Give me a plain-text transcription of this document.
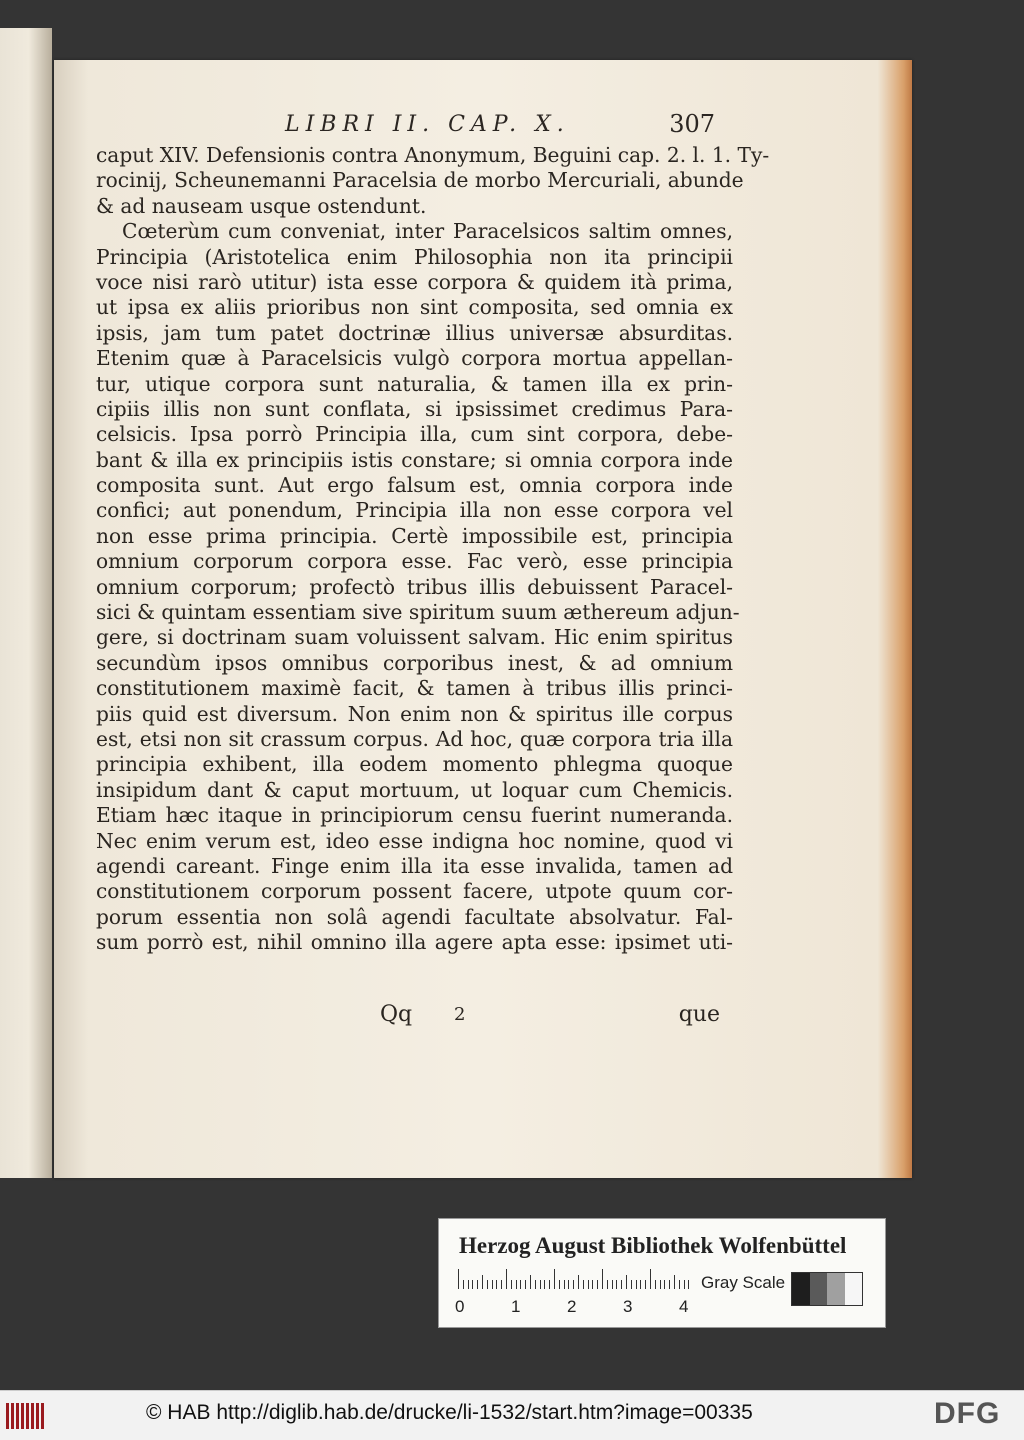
LIBRI II. CAP. X.	307
caput XIV. Defensionis contra Anonymum, Beguini cap. 2. l. 1. Ty-
rocinij, Scheunemanni Paracelsia de morbo Mercuriali, abunde
& ad nauseam usque ostendunt.
Cœterùm cum conveniat, inter Paracelsicos saltim omnes,
Principia (Aristotelica enim Philosophia non ita principii
voce nisi rarò utitur) ista esse corpora & quidem ità prima,
ut ipsa ex aliis prioribus non sint composita, sed omnia ex
ipsis, jam tum patet doctrinæ illius universæ absurditas.
Etenim quæ à Paracelsicis vulgò corpora mortua appellan-
tur, utique corpora sunt naturalia, & tamen illa ex prin-
cipiis illis non sunt conflata, si ipsissimet credimus Para-
celsicis. Ipsa porrò Principia illa, cum sint corpora, debe-
bant & illa ex principiis istis constare; si omnia corpora inde
composita sunt. Aut ergo falsum est, omnia corpora inde
confici; aut ponendum, Principia illa non esse corpora vel
non esse prima principia. Certè impossibile est, principia
omnium corporum corpora esse. Fac verò, esse principia
omnium corporum; profectò tribus illis debuissent Paracel-
sici & quintam essentiam sive spiritum suum æthereum adjun-
gere, si doctrinam suam voluissent salvam. Hic enim spiritus
secundùm ipsos omnibus corporibus inest, & ad omnium
constitutionem maximè facit, & tamen à tribus illis princi-
piis quid est diversum. Non enim non & spiritus ille corpus
est, etsi non sit crassum corpus. Ad hoc, quæ corpora tria illa
principia exhibent, illa eodem momento phlegma quoque
insipidum dant & caput mortuum, ut loquar cum Chemicis.
Etiam hæc itaque in principiorum censu fuerint numeranda.
Nec enim verum est, ideo esse indigna hoc nomine, quod vi
agendi careant. Finge enim illa ita esse invalida, tamen ad
constitutionem corporum possent facere, utpote quum cor-
porum essentia non solâ agendi facultate absolvatur. Fal-
sum porrò est, nihil omnino illa agere apta esse: ipsimet uti-
Qq 2	que
Herzog August Bibliothek Wolfenbüttel
0	1	2	3	4
Gray Scale
© HAB http://diglib.hab.de/drucke/li-1532/start.htm?image=00335	DFG
